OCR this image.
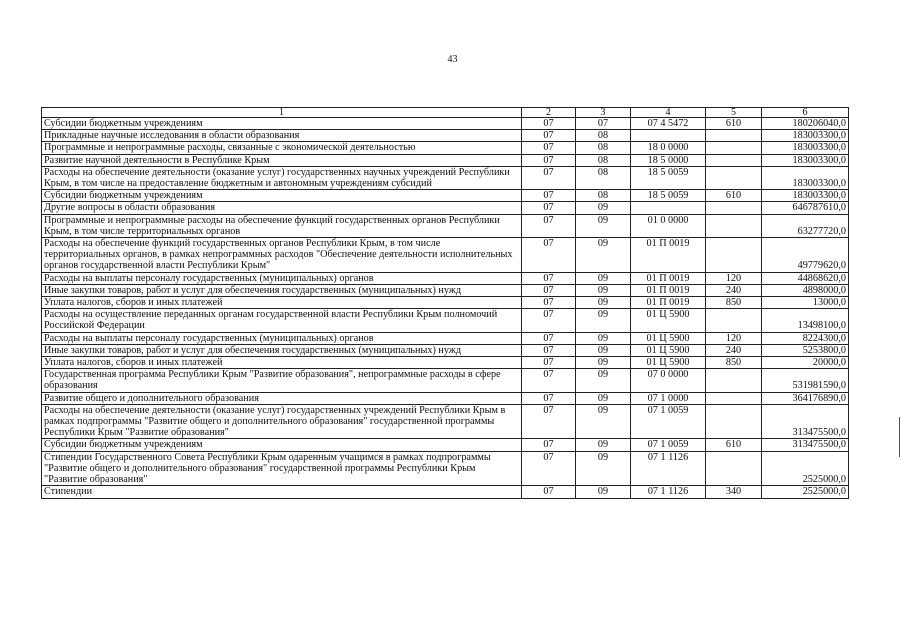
43
1	2	3	4	5	6
Субсидии бюджетным учреждениям	07	07	07 4 5472	610	180206040,0
Прикладные научные исследования в области образования	07	08			183003300,0
Программные и непрограммные расходы, связанные с экономической деятельностью	07	08	18 0 0000		183003300,0
Развитие научной деятельности в Республике Крым	07	08	18 5 0000		183003300,0
Расходы на обеспечение деятельности (оказание услуг) государственных научных учреждений Республики Крым, в том числе на предоставление бюджетным и автономным учреждениям субсидий	07	08	18 5 0059		183003300,0
Субсидии бюджетным учреждениям	07	08	18 5 0059	610	183003300,0
Другие вопросы в области образования	07	09			646787610,0
Программные и непрограммные расходы на обеспечение функций государственных органов Республики Крым, в том числе территориальных органов	07	09	01 0 0000		63277720,0
Расходы на обеспечение функций государственных органов Республики Крым, в том числе территориальных органов, в рамках непрограммных расходов "Обеспечение деятельности исполнительных органов государственной власти Республики Крым"	07	09	01 П 0019		49779620,0
Расходы на выплаты персоналу государственных (муниципальных) органов	07	09	01 П 0019	120	44868620,0
Иные закупки товаров, работ и услуг для обеспечения государственных (муниципальных) нужд	07	09	01 П 0019	240	4898000,0
Уплата налогов, сборов и иных платежей	07	09	01 П 0019	850	13000,0
Расходы на осуществление переданных органам государственной власти Республики Крым полномочий Российской Федерации	07	09	01 Ц 5900		13498100,0
Расходы на выплаты персоналу государственных (муниципальных) органов	07	09	01 Ц 5900	120	8224300,0
Иные закупки товаров, работ и услуг для обеспечения государственных (муниципальных) нужд	07	09	01 Ц 5900	240	5253800,0
Уплата налогов, сборов и иных платежей	07	09	01 Ц 5900	850	20000,0
Государственная программа Республики Крым "Развитие образования", непрограммные расходы в сфере образования	07	09	07 0 0000		531981590,0
Развитие общего и дополнительного образования	07	09	07 1 0000		364176890,0
Расходы на обеспечение деятельности (оказание услуг) государственных учреждений Республики Крым в рамках подпрограммы "Развитие общего и дополнительного образования" государственной программы Республики Крым "Развитие образования"	07	09	07 1 0059		313475500,0
Субсидии бюджетным учреждениям	07	09	07 1 0059	610	313475500,0
Стипендии Государственного Совета Республики Крым одаренным учащимся в рамках подпрограммы "Развитие общего и дополнительного образования" государственной программы Республики Крым "Развитие образования"	07	09	07 1 1126		2525000,0
Стипендии	07	09	07 1 1126	340	2525000,0
